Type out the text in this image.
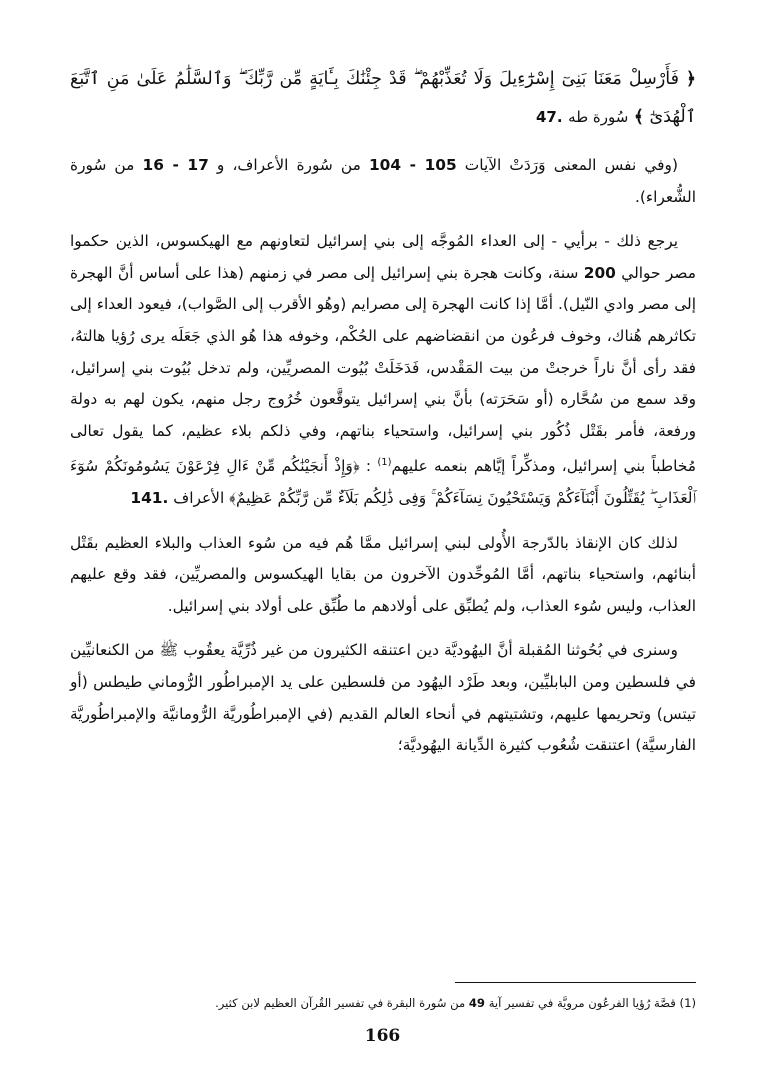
﴿ فَأَرْسِلْ مَعَنَا بَنِىٓ إِسْرَٰٓءِيلَ وَلَا تُعَذِّبْهُمْ ۖ قَدْ جِئْنَٰكَ بِـَٔايَةٍ مِّن رَّبِّكَ ۖ وَٱلسَّلَٰمُ عَلَىٰ مَنِ ٱتَّبَعَ ٱلْهُدَىٰٓ ﴾ سُورة طه 47.

(وفي نفس المعنى وَرَدَتْ الآيات 104 - 105 من سُورة الأعراف، و 16 - 17 من سُورة الشُّعراء).

يرجع ذلك - برأيي - إلى العداء المُوجَّه إلى بني إسرائيل لتعاونهم مع الهيكسوس، الذين حكموا مصر حوالي 200 سنة، وكانت هجرة بني إسرائيل إلى مصر في زمنهم (هذا على أساس أنَّ الهجرة إلى مصر وادي النّيل). أمَّا إذا كانت الهجرة إلى مصرايم (وهُو الأقرب إلى الصَّواب)، فيعود العداء إلى تكاثرهم هُناك، وخوف فرعُون من انقضاضهم على الحُكْم، وخوفه هذا هُو الذي جَعَلَه يرى رُؤيا هالتهُ، فقد رأى أنَّ ناراً خرجتْ من بيت المَقْدس، فَدَخَلَتْ بُيُوت المصريِّين، ولم تدخل بُيُوت بني إسرائيل، وقد سمع من سُحَّاره (أو سَحَرَته) بأنَّ بني إسرائيل يتوقَّعون خُرُوج رجل منهم، يكون لهم به دولة ورفعة، فأمر بقَتْل ذُكُور بني إسرائيل، واستحياء بناتهم، وفي ذلكم بلاء عظيم، كما يقول تعالى مُخاطباً بني إسرائيل، ومذكِّراً إيَّاهم بنعمه عليهم$^{(1)}$ : ﴿وَإِذْ أَنجَيْنَٰكُم مِّنْ ءَالِ فِرْعَوْنَ يَسُومُونَكُمْ سُوٓءَ ٱلْعَذَابِ ۖ يُقَتِّلُونَ أَبْنَآءَكُمْ وَيَسْتَحْيُونَ نِسَآءَكُمْ ۚ وَفِى ذَٰلِكُم بَلَآءٌ مِّن رَّبِّكُمْ عَظِيمٌ﴾ الأعراف 141.

لذلك كان الإنقاذ بالدّرجة الأُولى لبني إسرائيل ممَّا هُم فيه من سُوء العذاب والبلاء العظيم بقَتْل أبنائهم، واستحياء بناتهم، أمَّا المُوحِّدون الآخرون من بقايا الهيكسوس والمصريِّين، فقد وقع عليهم العذاب، وليس سُوء العذاب، ولم يُطبِّق على أولادهم ما طُبِّق على أولاد بني إسرائيل.

وسنرى في بُحُوثنا المُقبلة أنَّ اليهُوديَّة دين اعتنقه الكثيرون من غير ذُرِّيَّة يعقُوب ﷺ من الكنعانيِّين في فلسطين ومن البابليِّين، وبعد طَرْد اليهُود من فلسطين على يد الإمبراطُور الرُّوماني طيطس (أو تيتس) وتحريمها عليهم، وتشتيتهم في أنحاء العالم القديم (في الإمبراطُوريَّة الرُّومانيَّة والإمبراطُوريَّة الفارسيَّة) اعتنقت شُعُوب كثيرة الدِّيانة اليهُوديَّة؛

(1) قصَّة رُؤيا الفرعُون مرويَّة في تفسير آية 49 من سُورة البقرة في تفسير القُرآن العظيم لابن كثير.
166
